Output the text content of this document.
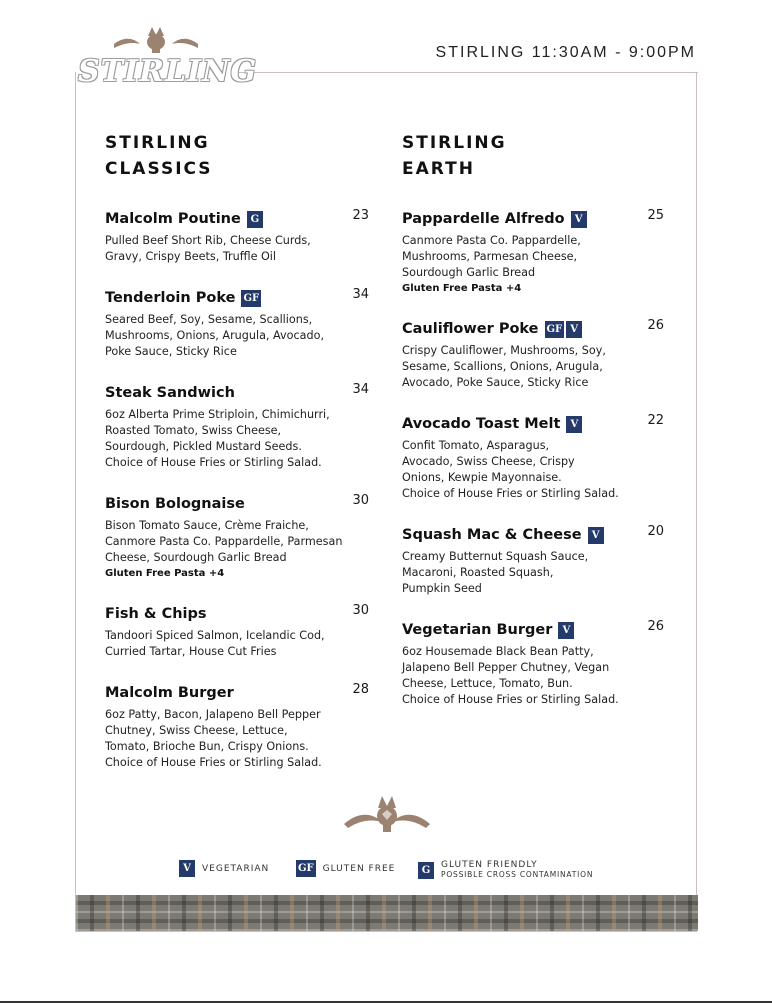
STIRLING
STIRLING 11:30AM - 9:00PM
STIRLING
CLASSICS
Malcolm Poutine G	23
Pulled Beef Short Rib, Cheese Curds,
Gravy, Crispy Beets, Truffle Oil
Tenderloin Poke GF	34
Seared Beef, Soy, Sesame, Scallions,
Mushrooms, Onions, Arugula, Avocado,
Poke Sauce, Sticky Rice
Steak Sandwich	34
6oz Alberta Prime Striploin, Chimichurri,
Roasted Tomato, Swiss Cheese,
Sourdough, Pickled Mustard Seeds.
Choice of House Fries or Stirling Salad.
Bison Bolognaise	30
Bison Tomato Sauce, Crème Fraiche,
Canmore Pasta Co. Pappardelle, Parmesan
Cheese, Sourdough Garlic Bread
Gluten Free Pasta +4
Fish & Chips	30
Tandoori Spiced Salmon, Icelandic Cod,
Curried Tartar, House Cut Fries
Malcolm Burger	28
6oz Patty, Bacon, Jalapeno Bell Pepper
Chutney, Swiss Cheese, Lettuce,
Tomato, Brioche Bun, Crispy Onions.
Choice of House Fries or Stirling Salad.
STIRLING
EARTH
Pappardelle Alfredo	V	25
Canmore Pasta Co. Pappardelle,
Mushrooms, Parmesan Cheese,
Sourdough Garlic Bread
Gluten Free Pasta +4
Cauliflower Poke GF V	26
Crispy Cauliflower, Mushrooms, Soy,
Sesame, Scallions, Onions, Arugula,
Avocado, Poke Sauce, Sticky Rice
Avocado Toast Melt	V	22
Confit Tomato, Asparagus,
Avocado, Swiss Cheese, Crispy
Onions, Kewpie Mayonnaise.
Choice of House Fries or Stirling Salad.
Squash Mac & Cheese	V	20
Creamy Butternut Squash Sauce,
Macaroni, Roasted Squash,
Pumpkin Seed
Vegetarian Burger	V	26
6oz Housemade Black Bean Patty,
Jalapeno Bell Pepper Chutney, Vegan
Cheese, Lettuce, Tomato, Bun.
Choice of House Fries or Stirling Salad.
V	VEGETARIAN	GF GLUTEN FREE	G	GLUTEN FRIENDLY
POSSIBLE CROSS CONTAMINATION
